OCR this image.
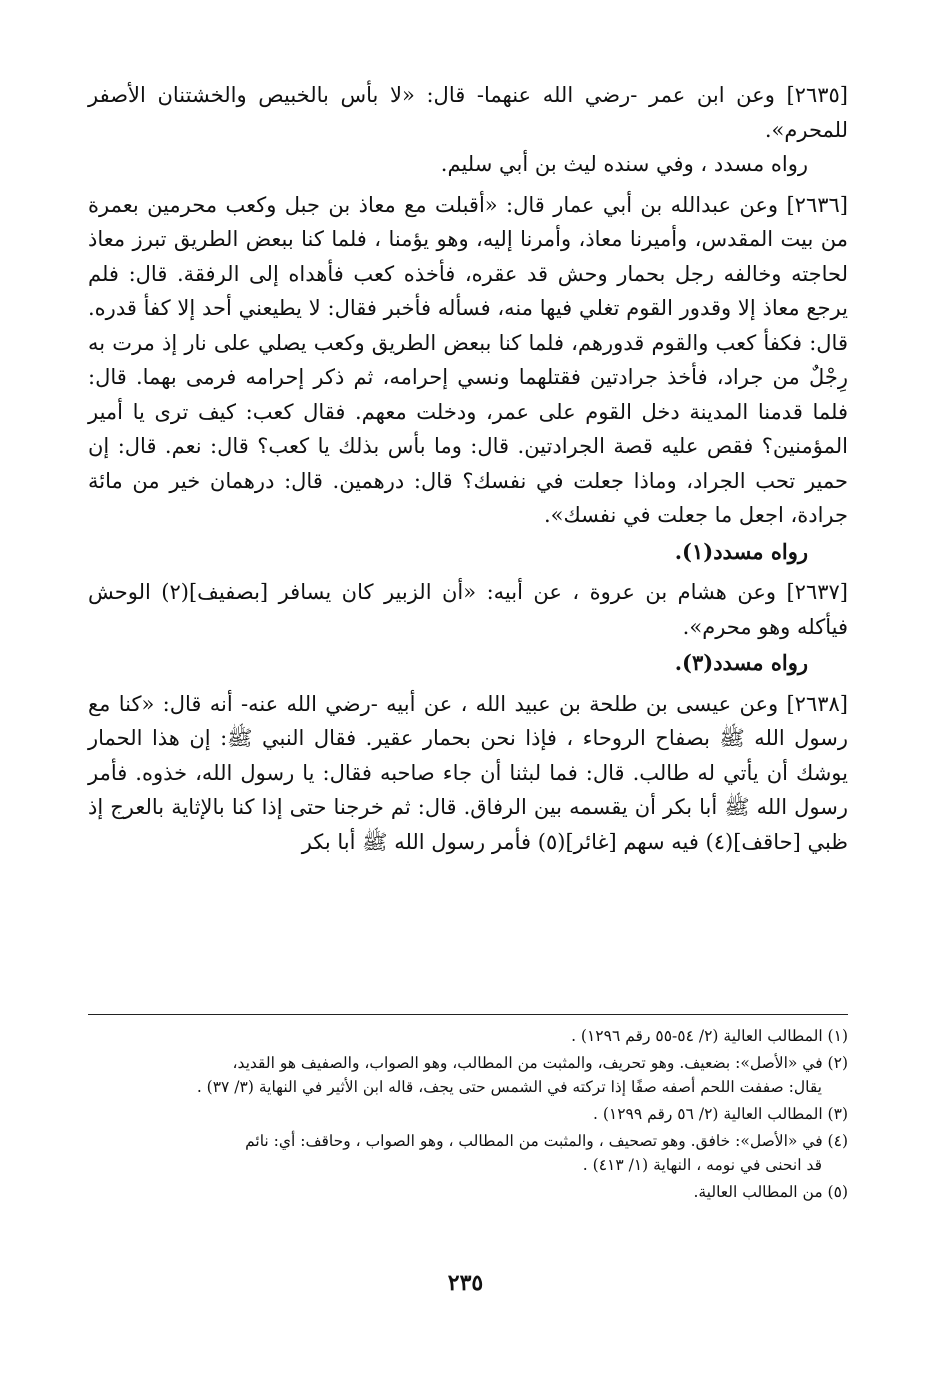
[٢٦٣٥] وعن ابن عمر -رضي الله عنهما- قال: «لا بأس بالخبيص والخشتنان الأصفر للمحرم».

رواه مسدد ، وفي سنده ليث بن أبي سليم.

[٢٦٣٦] وعن عبدالله بن أبي عمار قال: «أقبلت مع معاذ بن جبل وكعب محرمين بعمرة من بيت المقدس، وأميرنا معاذ، وأمرنا إليه، وهو يؤمنا ، فلما كنا ببعض الطريق تبرز معاذ لحاجته وخالفه رجل بحمار وحش قد عقره، فأخذه كعب فأهداه إلى الرفقة. قال: فلم يرجع معاذ إلا وقدور القوم تغلي فيها منه، فسأله فأخبر فقال: لا يطيعني أحد إلا كفأ قدره. قال: فكفأ كعب والقوم قدورهم، فلما كنا ببعض الطريق وكعب يصلي على نار إذ مرت به رِجْلٌ من جراد، فأخذ جرادتين فقتلهما ونسي إحرامه، ثم ذكر إحرامه فرمى بهما. قال: فلما قدمنا المدينة دخل القوم على عمر، ودخلت معهم. فقال كعب: كيف ترى يا أمير المؤمنين؟ فقص عليه قصة الجرادتين. قال: وما بأس بذلك يا كعب؟ قال: نعم. قال: إن حمير تحب الجراد، وماذا جعلت في نفسك؟ قال: درهمين. قال: درهمان خير من مائة جرادة، اجعل ما جعلت في نفسك».

رواه مسدد(١).

[٢٦٣٧] وعن هشام بن عروة ، عن أبيه: «أن الزبير كان يسافر [بصفيف](٢) الوحش فيأكله وهو محرم».

رواه مسدد(٣).

[٢٦٣٨] وعن عيسى بن طلحة بن عبيد الله ، عن أبيه -رضي الله عنه- أنه قال: «كنا مع رسول الله ﷺ بصفاح الروحاء ، فإذا نحن بحمار عقير. فقال النبي ﷺ: إن هذا الحمار يوشك أن يأتي له طالب. قال: فما لبثنا أن جاء صاحبه فقال: يا رسول الله، خذوه. فأمر رسول الله ﷺ أبا بكر أن يقسمه بين الرفاق. قال: ثم خرجنا حتى إذا كنا بالإثاية بالعرج إذ ظبي [حاقف](٤) فيه سهم [غائر](٥) فأمر رسول الله ﷺ أبا بكر

(١) المطالب العالية (٢/ ٥٤-٥٥ رقم ١٢٩٦) .

(٢) في «الأصل»: بضعيف. وهو تحريف، والمثبت من المطالب، وهو الصواب، والصفيف هو القديد،
يقال: صففت اللحم أصفه صفًا إذا تركته في الشمس حتى يجف، قاله ابن الأثير في النهاية (٣/ ٣٧) .

(٣) المطالب العالية (٢/ ٥٦ رقم ١٢٩٩) .

(٤) في «الأصل»: خافق. وهو تصحيف ، والمثبت من المطالب ، وهو الصواب ، وحاقف: أي: نائم
قد انحنى في نومه ، النهاية (١/ ٤١٣) .

(٥) من المطالب العالية.

٢٣٥
